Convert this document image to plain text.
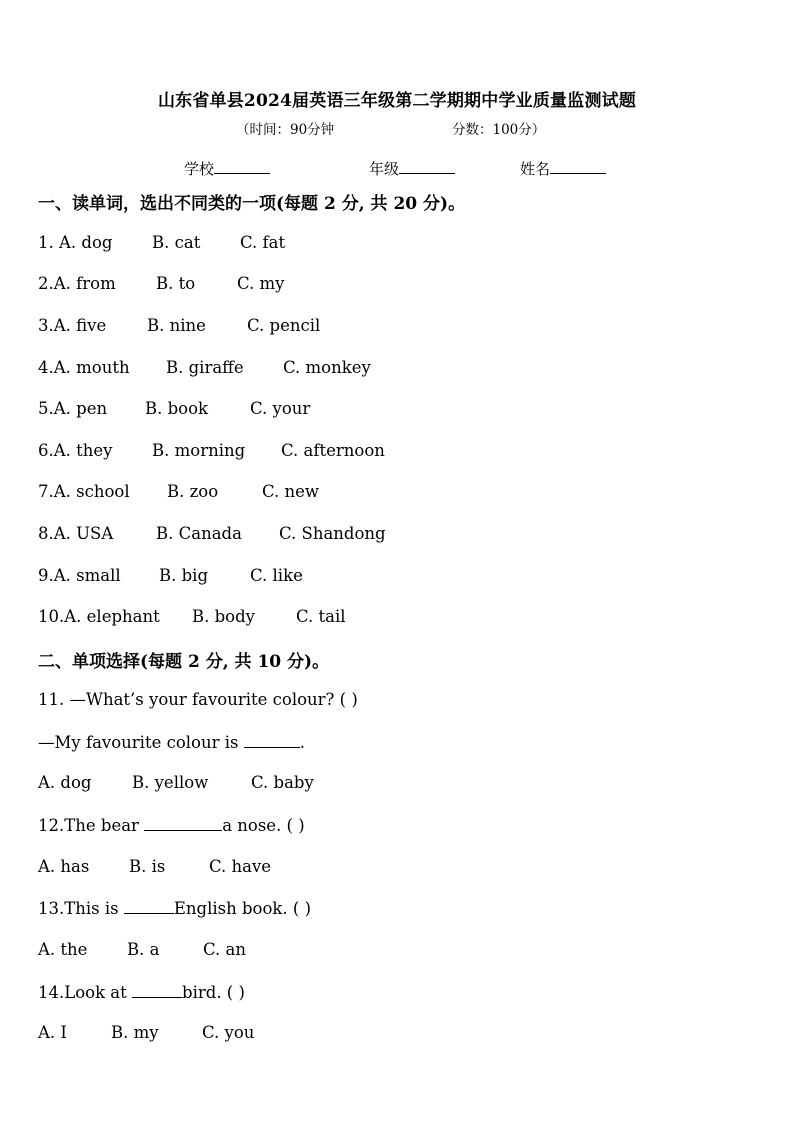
山东省单县2024届英语三年级第二学期期中学业质量监测试题
（时间：90分钟	分数：100分）
学校	年级	姓名
一、读单词，选出不同类的一项(每题 2 分, 共 20 分)。
1. A. dog B. cat C. fat
2.A. from B. to	C. my
3.A. five B. nine C. pencil
4.A. mouth B. giraffe C. monkey
5.A. pen B. book	C. your
6.A. they B. morning C. afternoon
7.A. school B. zoo	C. new
8.A. USA	B. Canada C. Shandong
9.A. small B. big	C. like
10.A. elephant B. body C. tail
二、单项选择(每题 2 分, 共 10 分)。
11. —What’s your favourite colour? ( )
—My favourite colour is	.
A. dog B. yellow	C. baby
12.The bear	a nose. ( )
A. has B. is	C. have
13.This is	English book. ( )
A. the B. a	C. an
14.Look at	bird. ( )
A. I	B. my	C. you
